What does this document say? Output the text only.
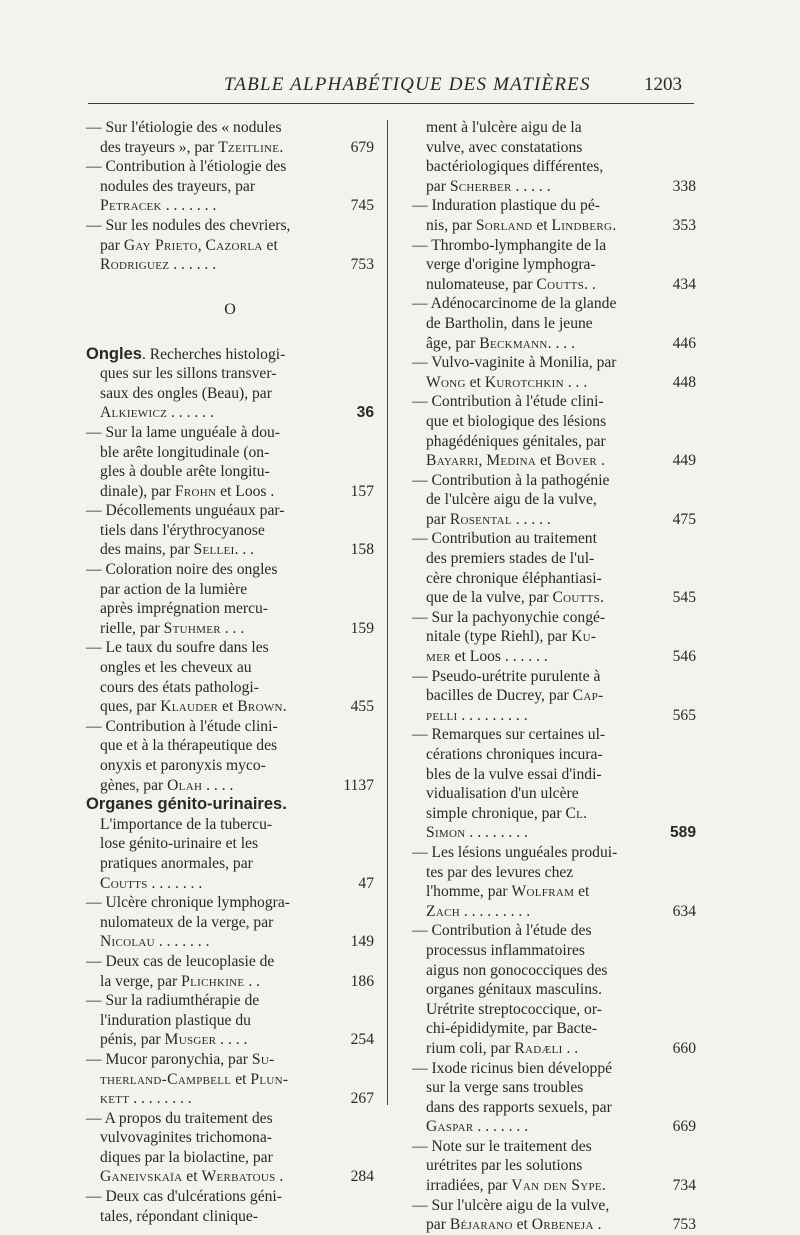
TABLE ALPHABÉTIQUE DES MATIÈRES	1203
— Sur l'étiologie des « nodules
des trayeurs », par Tzeitline.	679
— Contribution à l'étiologie des
nodules des trayeurs, par
Petracek . . . . . . .	745
— Sur les nodules des chevriers,
par Gay Prieto, Cazorla et
Rodriguez . . . . . .	753
O
Ongles. Recherches histologi-
ques sur les sillons transver-
saux des ongles (Beau), par
Alkiewicz . . . . . .	36
— Sur la lame unguéale à dou-
ble arête longitudinale (on-
gles à double arête longitu-
dinale), par Frohn et Loos .	157
— Décollements unguéaux par-
tiels dans l'érythrocyanose
des mains, par Sellei. . .	158
— Coloration noire des ongles
par action de la lumière
après imprégnation mercu-
rielle, par Stuhmer . . .	159
— Le taux du soufre dans les
ongles et les cheveux au
cours des états pathologi-
ques, par Klauder et Brown.	455
— Contribution à l'étude clini-
que et à la thérapeutique des
onyxis et paronyxis myco-
gènes, par Olah . . . .	1137
Organes génito-urinaires.
L'importance de la tubercu-
lose génito-urinaire et les
pratiques anormales, par
Coutts . . . . . . .	47
— Ulcère chronique lymphogra-
nulomateux de la verge, par
Nicolau . . . . . . .	149
— Deux cas de leucoplasie de
la verge, par Plichkine . .	186
— Sur la radiumthérapie de
l'induration plastique du
pénis, par Musger . . . .	254
— Mucor paronychia, par Su-
therland-Campbell et Plun-
kett . . . . . . . .	267
— A propos du traitement des
vulvovaginites trichomona-
diques par la biolactine, par
Ganeivskaïa et Werbatous .	284
— Deux cas d'ulcérations géni-
tales, répondant clinique-
ment à l'ulcère aigu de la
vulve, avec constatations
bactériologiques différentes,
par Scherber . . . . .	338
— Induration plastique du pé-
nis, par Sorland et Lindberg.	353
— Thrombo-lymphangite de la
verge d'origine lymphogra-
nulomateuse, par Coutts. .	434
— Adénocarcinome de la glande
de Bartholin, dans le jeune
âge, par Beckmann. . . .	446
— Vulvo-vaginite à Monilia, par
Wong et Kurotchkin . . .	448
— Contribution à l'étude clini-
que et biologique des lésions
phagédéniques génitales, par
Bayarri, Medina et Bover .	449
— Contribution à la pathogénie
de l'ulcère aigu de la vulve,
par Rosental . . . . .	475
— Contribution au traitement
des premiers stades de l'ul-
cère chronique éléphantiasi-
que de la vulve, par Coutts.	545
— Sur la pachyonychie congé-
nitale (type Riehl), par Ku-
mer et Loos . . . . . .	546
— Pseudo-urétrite purulente à
bacilles de Ducrey, par Cap-
pelli . . . . . . . . .	565
— Remarques sur certaines ul-
cérations chroniques incura-
bles de la vulve essai d'indi-
vidualisation d'un ulcère
simple chronique, par Cl.
Simon . . . . . . . .	589
— Les lésions unguéales produi-
tes par des levures chez
l'homme, par Wolfram et
Zach . . . . . . . . .	634
— Contribution à l'étude des
processus inflammatoires
aigus non gonococciques des
organes génitaux masculins.
Urétrite streptococcique, or-
chi-épididymite, par Bacte-
rium coli, par Radæli . .	660
— Ixode ricinus bien développé
sur la verge sans troubles
dans des rapports sexuels, par
Gaspar . . . . . . .	669
— Note sur le traitement des
urétrites par les solutions
irradiées, par Van den Sype.	734
— Sur l'ulcère aigu de la vulve,
par Béjarano et Orbeneja .	753
